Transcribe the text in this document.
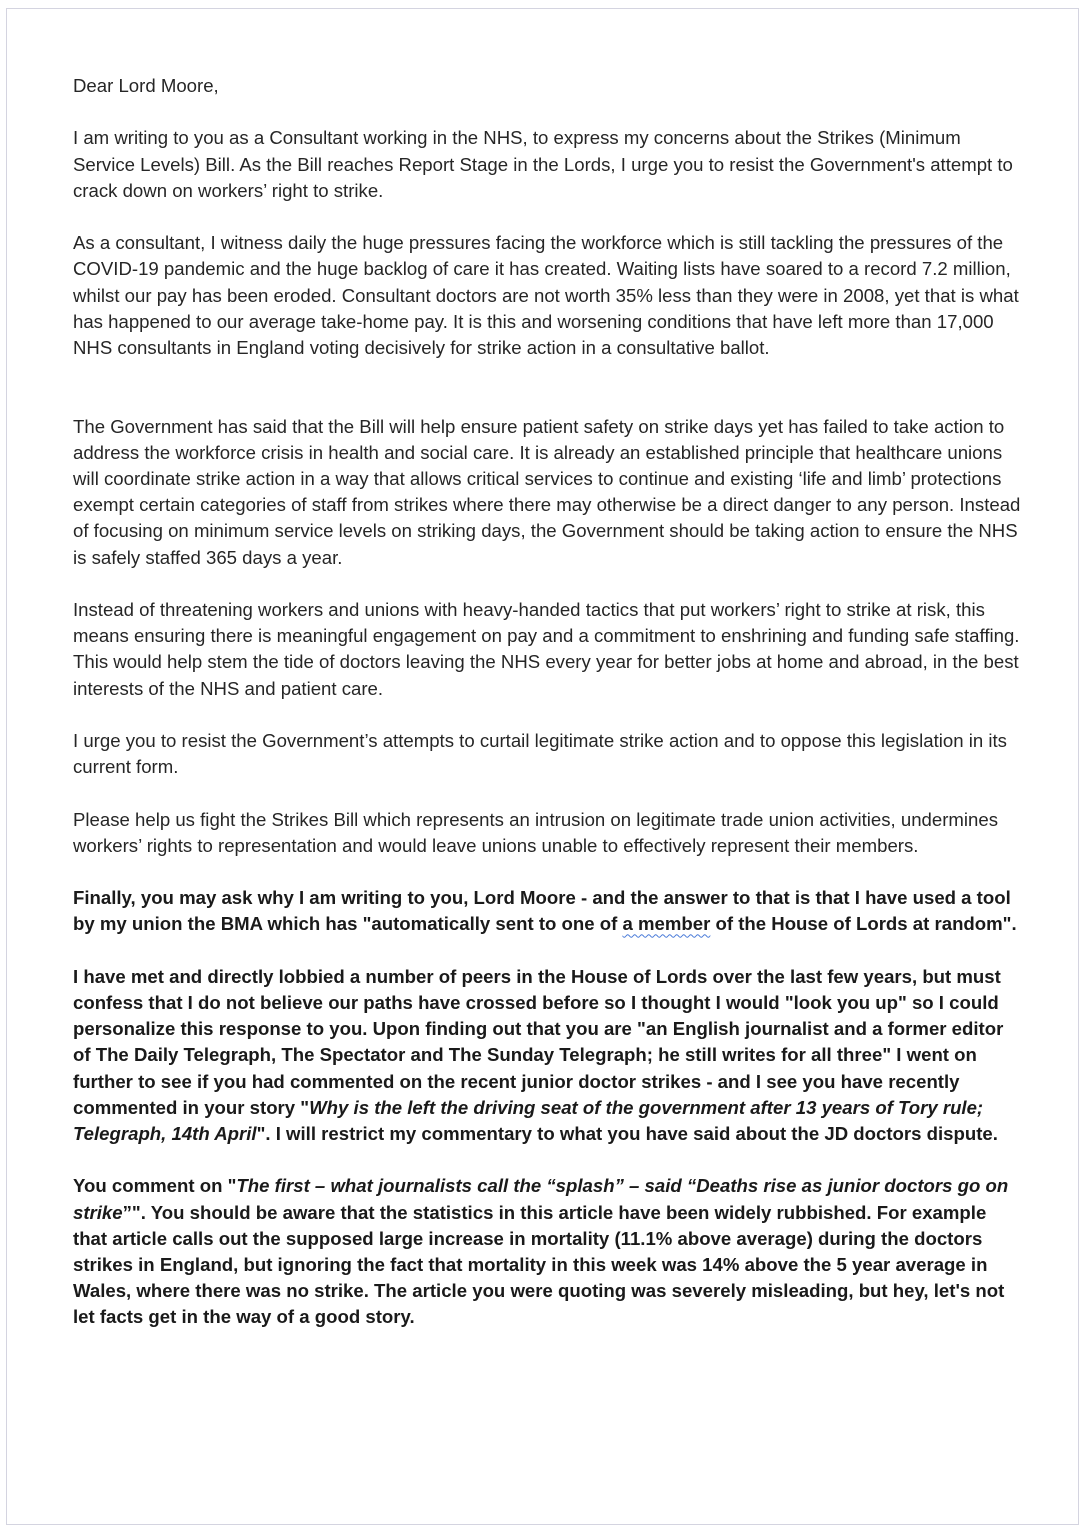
Dear Lord Moore,

I am writing to you as a Consultant working in the NHS, to express my concerns about the Strikes (Minimum Service Levels) Bill. As the Bill reaches Report Stage in the Lords, I urge you to resist the Government's attempt to crack down on workers’ right to strike.

As a consultant, I witness daily the huge pressures facing the workforce which is still tackling the pressures of the COVID-19 pandemic and the huge backlog of care it has created. Waiting lists have soared to a record 7.2 million, whilst our pay has been eroded. Consultant doctors are not worth 35% less than they were in 2008, yet that is what has happened to our average take-home pay. It is this and worsening conditions that have left more than 17,000 NHS consultants in England voting decisively for strike action in a consultative ballot.

The Government has said that the Bill will help ensure patient safety on strike days yet has failed to take action to address the workforce crisis in health and social care. It is already an established principle that healthcare unions will coordinate strike action in a way that allows critical services to continue and existing ‘life and limb’ protections exempt certain categories of staff from strikes where there may otherwise be a direct danger to any person. Instead of focusing on minimum service levels on striking days, the Government should be taking action to ensure the NHS is safely staffed 365 days a year.

Instead of threatening workers and unions with heavy-handed tactics that put workers’ right to strike at risk, this means ensuring there is meaningful engagement on pay and a commitment to enshrining and funding safe staffing. This would help stem the tide of doctors leaving the NHS every year for better jobs at home and abroad, in the best interests of the NHS and patient care.

I urge you to resist the Government’s attempts to curtail legitimate strike action and to oppose this legislation in its current form.

Please help us fight the Strikes Bill which represents an intrusion on legitimate trade union activities, undermines workers’ rights to representation and would leave unions unable to effectively represent their members.

Finally, you may ask why I am writing to you, Lord Moore - and the answer to that is that I have used a tool by my union the BMA which has "automatically sent to one of a member of the House of Lords at random".

I have met and directly lobbied a number of peers in the House of Lords over the last few years, but must confess that I do not believe our paths have crossed before so I thought I would "look you up" so I could personalize this response to you. Upon finding out that you are "an English journalist and a former editor of The Daily Telegraph, The Spectator and The Sunday Telegraph; he still writes for all three" I went on further to see if you had commented on the recent junior doctor strikes - and I see you have recently commented in your story "Why is the left the driving seat of the government after 13 years of Tory rule; Telegraph, 14th April". I will restrict my commentary to what you have said about the JD doctors dispute.

You comment on "The first – what journalists call the “splash” – said “Deaths rise as junior doctors go on strike”". You should be aware that the statistics in this article have been widely rubbished. For example that article calls out the supposed large increase in mortality (11.1% above average) during the doctors strikes in England, but ignoring the fact that mortality in this week was 14% above the 5 year average in Wales, where there was no strike. The article you were quoting was severely misleading, but hey, let's not let facts get in the way of a good story.
